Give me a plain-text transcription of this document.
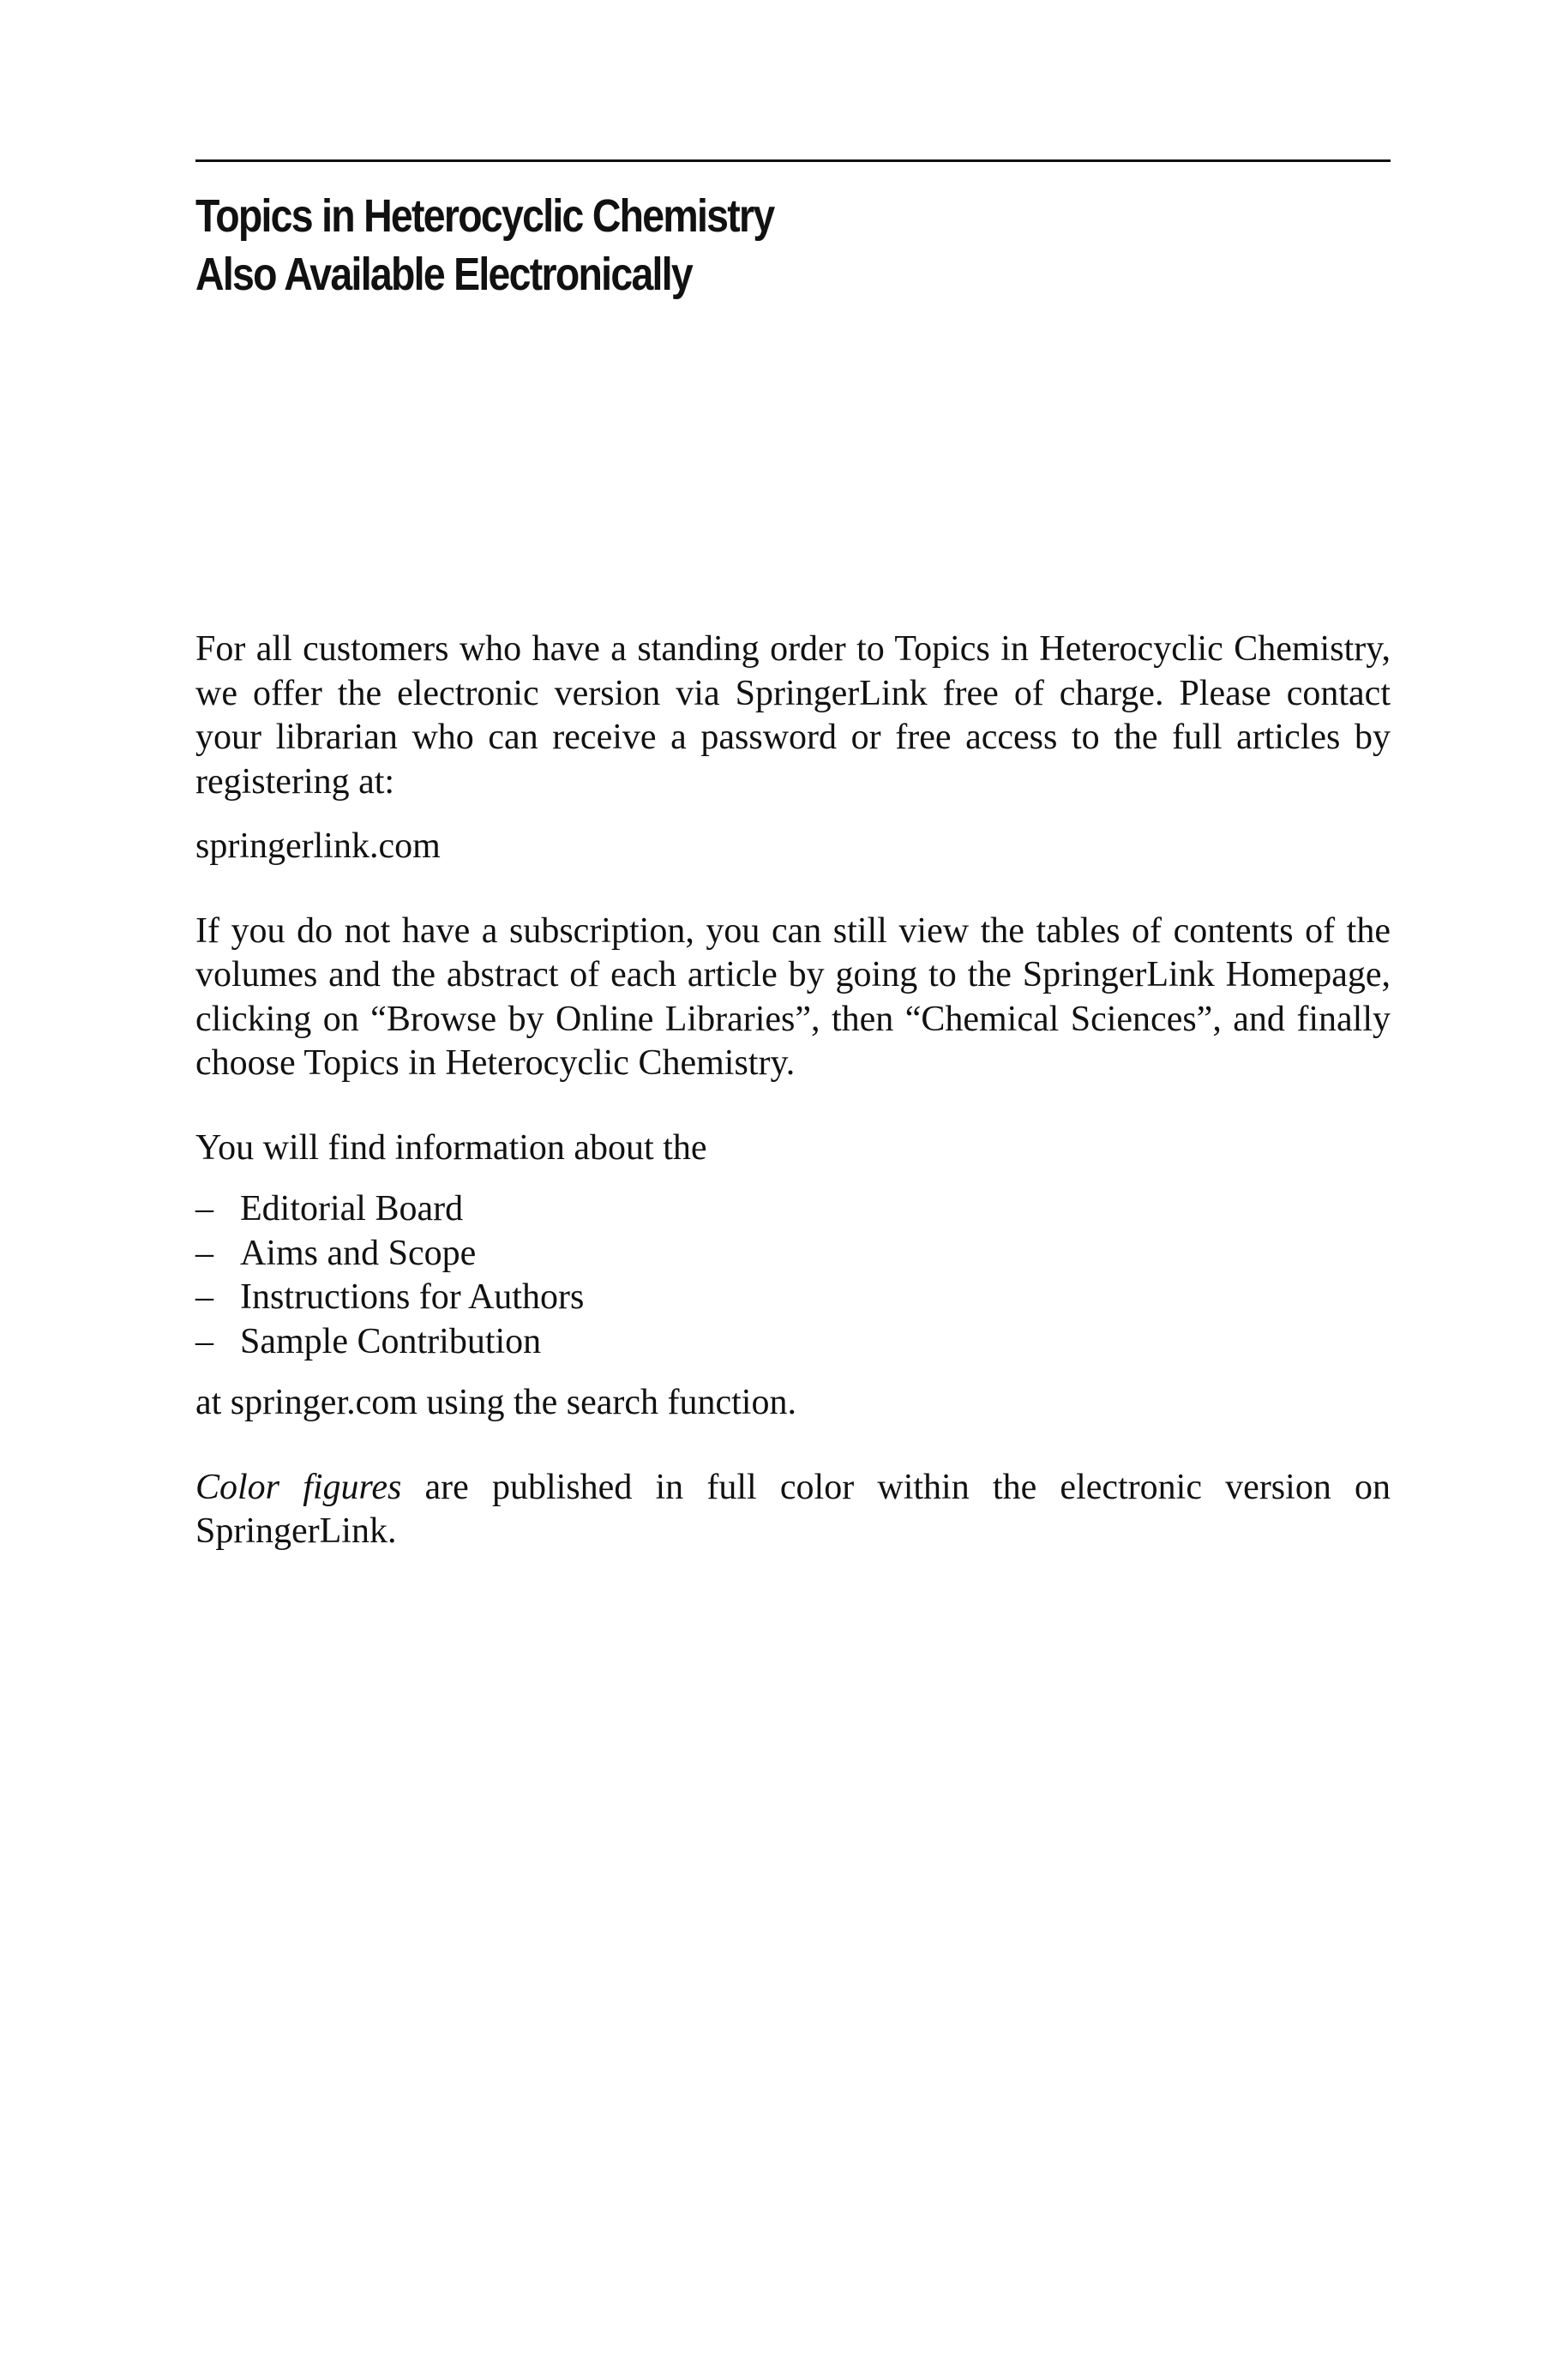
Topics in Heterocyclic Chemistry
Also Available Electronically

For all customers who have a standing order to Topics in Heterocyclic Chemistry, we offer the electronic version via SpringerLink free of charge. Please contact your librarian who can receive a password or free access to the full articles by registering at:

springerlink.com

If you do not have a subscription, you can still view the tables of contents of the volumes and the abstract of each article by going to the SpringerLink Homepage, clicking on “Browse by Online Libraries”, then “Chemical Sciences”, and finally choose Topics in Heterocyclic Chemistry.

You will find information about the

– Editorial Board
– Aims and Scope
– Instructions for Authors
– Sample Contribution

at springer.com using the search function.

Color figures are published in full color within the electronic version on SpringerLink.
